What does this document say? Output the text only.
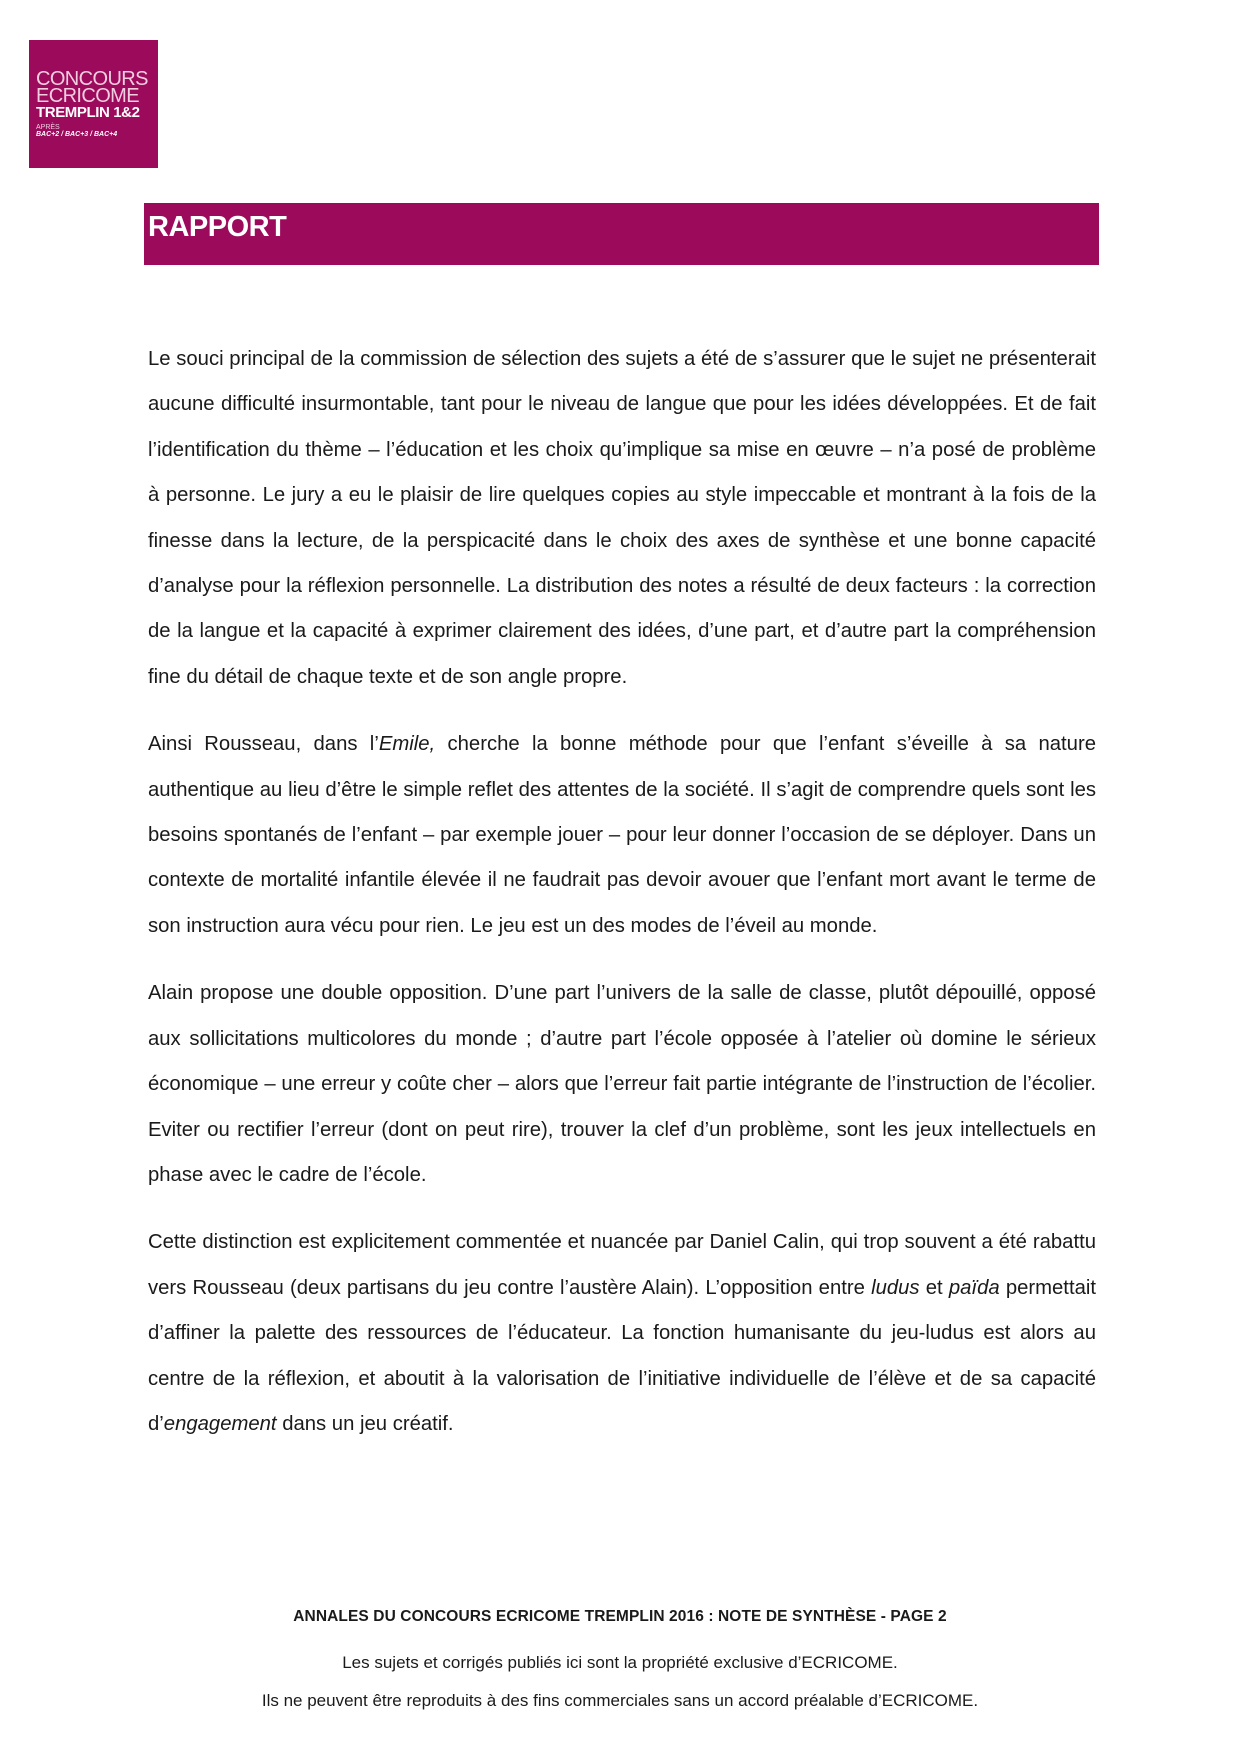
CONCOURS
ECRICOME
TREMPLIN 1&2
APRÈS
BAC+2 / BAC+3 / BAC+4
RAPPORT

Le souci principal de la commission de sélection des sujets a été de s’assurer que le sujet ne présenterait aucune difficulté insurmontable, tant pour le niveau de langue que pour les idées développées. Et de fait l’identification du thème – l’éducation et les choix qu’implique sa mise en œuvre – n’a posé de problème à personne. Le jury a eu le plaisir de lire quelques copies au style impeccable et montrant à la fois de la finesse dans la lecture, de la perspicacité dans le choix des axes de synthèse et une bonne capacité d’analyse pour la réflexion personnelle. La distribution des notes a résulté de deux facteurs : la correction de la langue et la capacité à exprimer clairement des idées, d’une part, et d’autre part la compréhension fine du détail de chaque texte et de son angle propre.

Ainsi Rousseau, dans l’Emile, cherche la bonne méthode pour que l’enfant s’éveille à sa nature authentique au lieu d’être le simple reflet des attentes de la société. Il s’agit de comprendre quels sont les besoins spontanés de l’enfant – par exemple jouer – pour leur donner l’occasion de se déployer. Dans un contexte de mortalité infantile élevée il ne faudrait pas devoir avouer que l’enfant mort avant le terme de son instruction aura vécu pour rien. Le jeu est un des modes de l’éveil au monde.

Alain propose une double opposition. D’une part l’univers de la salle de classe, plutôt dépouillé, opposé aux sollicitations multicolores du monde ; d’autre part l’école opposée à l’atelier où domine le sérieux économique – une erreur y coûte cher – alors que l’erreur fait partie intégrante de l’instruction de l’écolier. Eviter ou rectifier l’erreur (dont on peut rire), trouver la clef d’un problème, sont les jeux intellectuels en phase avec le cadre de l’école.

Cette distinction est explicitement commentée et nuancée par Daniel Calin, qui trop souvent a été rabattu vers Rousseau (deux partisans du jeu contre l’austère Alain). L’opposition entre ludus et païda permettait d’affiner la palette des ressources de l’éducateur. La fonction humanisante du jeu-ludus est alors au centre de la réflexion, et aboutit à la valorisation de l’initiative individuelle de l’élève et de sa capacité d’engagement dans un jeu créatif.

ANNALES DU CONCOURS ECRICOME TREMPLIN 2016 : NOTE DE SYNTHÈSE - PAGE 2
Les sujets et corrigés publiés ici sont la propriété exclusive d’ECRICOME.
Ils ne peuvent être reproduits à des fins commerciales sans un accord préalable d’ECRICOME.
